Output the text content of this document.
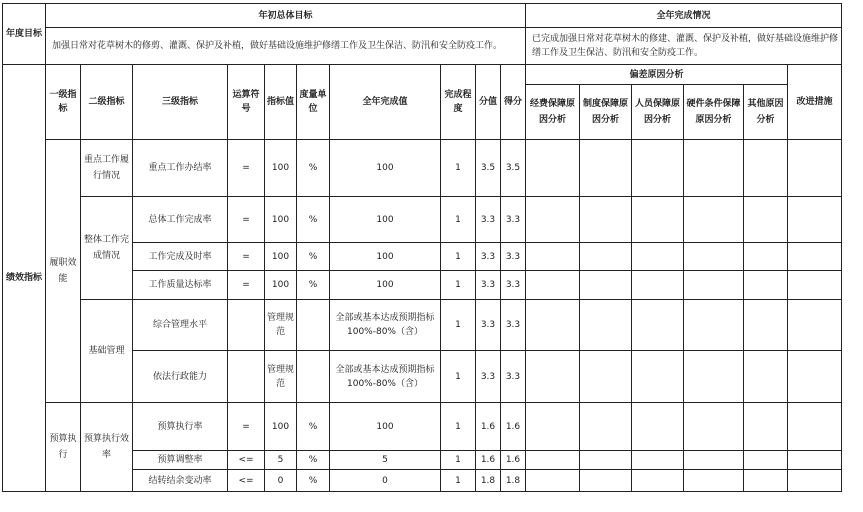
年度目标	年初总体目标										全年完成情况					
	加强日常对花草树木的修剪、灌溉、保护及补植，做好基础设施维护修缮工作及卫生保洁、防汛和安全防疫工作。										已完成加强日常对花草树木的修建、灌溉、保护及补植，做好基础设施维护修缮工作及卫生保洁、防汛和安全防疫工作。					
绩效指标	一级指标	二级指标	三级指标	运算符号	指标值	度量单位	全年完成值	完成程度	分值	得分	偏差原因分析					改进措施
											经费保障原因分析	制度保障原因分析	人员保障原因分析	硬件条件保障原因分析	其他原因分析	
	履职效能	重点工作履行情况	重点工作办结率	=	100	%	100	1	3.5	3.5						
		整体工作完成情况	总体工作完成率	=	100	%	100	1	3.3	3.3						
			工作完成及时率	=	100	%	100	1	3.3	3.3						
			工作质量达标率	=	100	%	100	1	3.3	3.3						
		基础管理	综合管理水平		管理规范		全部或基本达成预期指标100%-80%（含）	1	3.3	3.3						
			依法行政能力		管理规范		全部或基本达成预期指标100%-80%（含）	1	3.3	3.3						
	预算执行	预算执行效率	预算执行率	=	100	%	100	1	1.6	1.6						
			预算调整率	<=	5	%	5	1	1.6	1.6						
			结转结余变动率	<=	0	%	0	1	1.8	1.8						
